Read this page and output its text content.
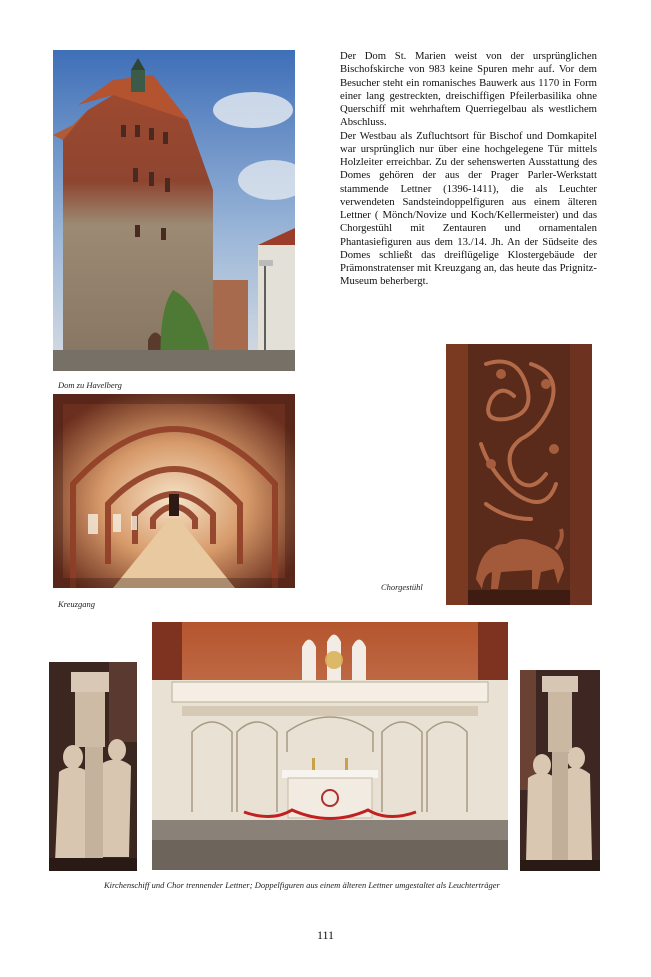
Dom zu Havelberg

Der Dom St. Marien weist von der ursprünglichen Bischofskirche von 983 keine Spuren mehr auf. Vor dem Besucher steht ein romanisches Bauwerk aus 1170 in Form einer lang gestreckten, dreischiffigen Pfeilerbasilika ohne Querschiff mit wehrhaftem Querriegelbau als westlichem Abschluss.

Der Westbau als Zufluchtsort für Bischof und Domkapitel war ursprünglich nur über eine hochgelegene Tür mittels Holzleiter erreichbar. Zu der sehenswerten Ausstattung des Domes gehören der aus der Prager Parler-Werkstatt stammende Lettner (1396-1411), die als Leuchter verwendeten Sandsteindoppelfiguren aus einem älteren Lettner ( Mönch/Novize und Koch/Kellermeister) und das Chorgestühl mit Zentauren und ornamentalen Phantasiefiguren aus dem 13./14. Jh. An der Südseite des Domes schließt das dreiflügelige Klostergebäude der Prämonstratenser mit Kreuzgang an, das heute das Prignitz-Museum beherbergt.

Kreuzgang
Chorgestühl
Kirchenschiff und Chor trennender Lettner; Doppelfiguren aus einem älteren Lettner umgestaltet als Leuchterträger
111
